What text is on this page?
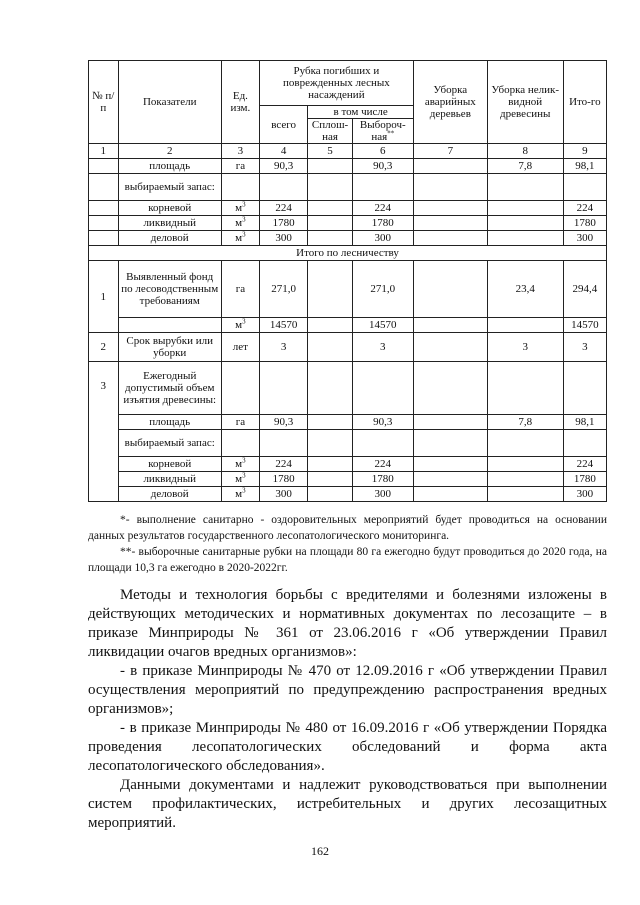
№ п/п	Показатели	Ед. изм.	Рубка погибших и поврежденных лесных насаждений			Уборка аварийных деревьев	Уборка неликвидной древесины	Ито-го
			всего	в том числе				
				Сплош-ная	Выбороч-ная**
1	2	3	4	5	6	7	8	9
	площадь	га	90,3		90,3		7,8	98,1
	выбираемый запас:							
	корневой	$м^3$	224		224			224
	ликвидный	$м^3$	1780		1780			1780
	деловой	$м^3$	300		300			300
Итого по лесничеству								
1	Выявленный фонд по лесоводственным требованиям	га	271,0		271,0		23,4	294,4
		$м^3$	14570		14570			14570
2	Срок вырубки или уборки	лет	3		3		3	3
3	Ежегодный допустимый объем изъятия древесины:							
	площадь	га	90,3		90,3		7,8	98,1
	выбираемый запас:							
	корневой	$м^3$	224		224			224
	ликвидный	$м^3$	1780		1780			1780
	деловой	$м^3$	300		300			300

*- выполнение санитарно - оздоровительных мероприятий будет проводиться на основании данных результатов государственного лесопатологического мониторинга.

**- выборочные санитарные рубки на площади 80 га ежегодно будут проводиться до 2020 года, на площади 10,3 га ежегодно в 2020-2022гг.

Методы и технология борьбы с вредителями и болезнями изложены в действующих методических и нормативных документах по лесозащите – в приказе Минприроды № 361 от 23.06.2016 г «Об утверждении Правил ликвидации очагов вредных организмов»:

- в приказе Минприроды № 470 от 12.09.2016 г «Об утверждении Правил осуществления мероприятий по предупреждению распространения вредных организмов»;

- в приказе Минприроды № 480 от 16.09.2016 г «Об утверждении Порядка проведения лесопатологических обследований и форма акта лесопатологического обследования».

Данными документами и надлежит руководствоваться при выполнении систем профилактических, истребительных и других лесозащитных мероприятий.

162
